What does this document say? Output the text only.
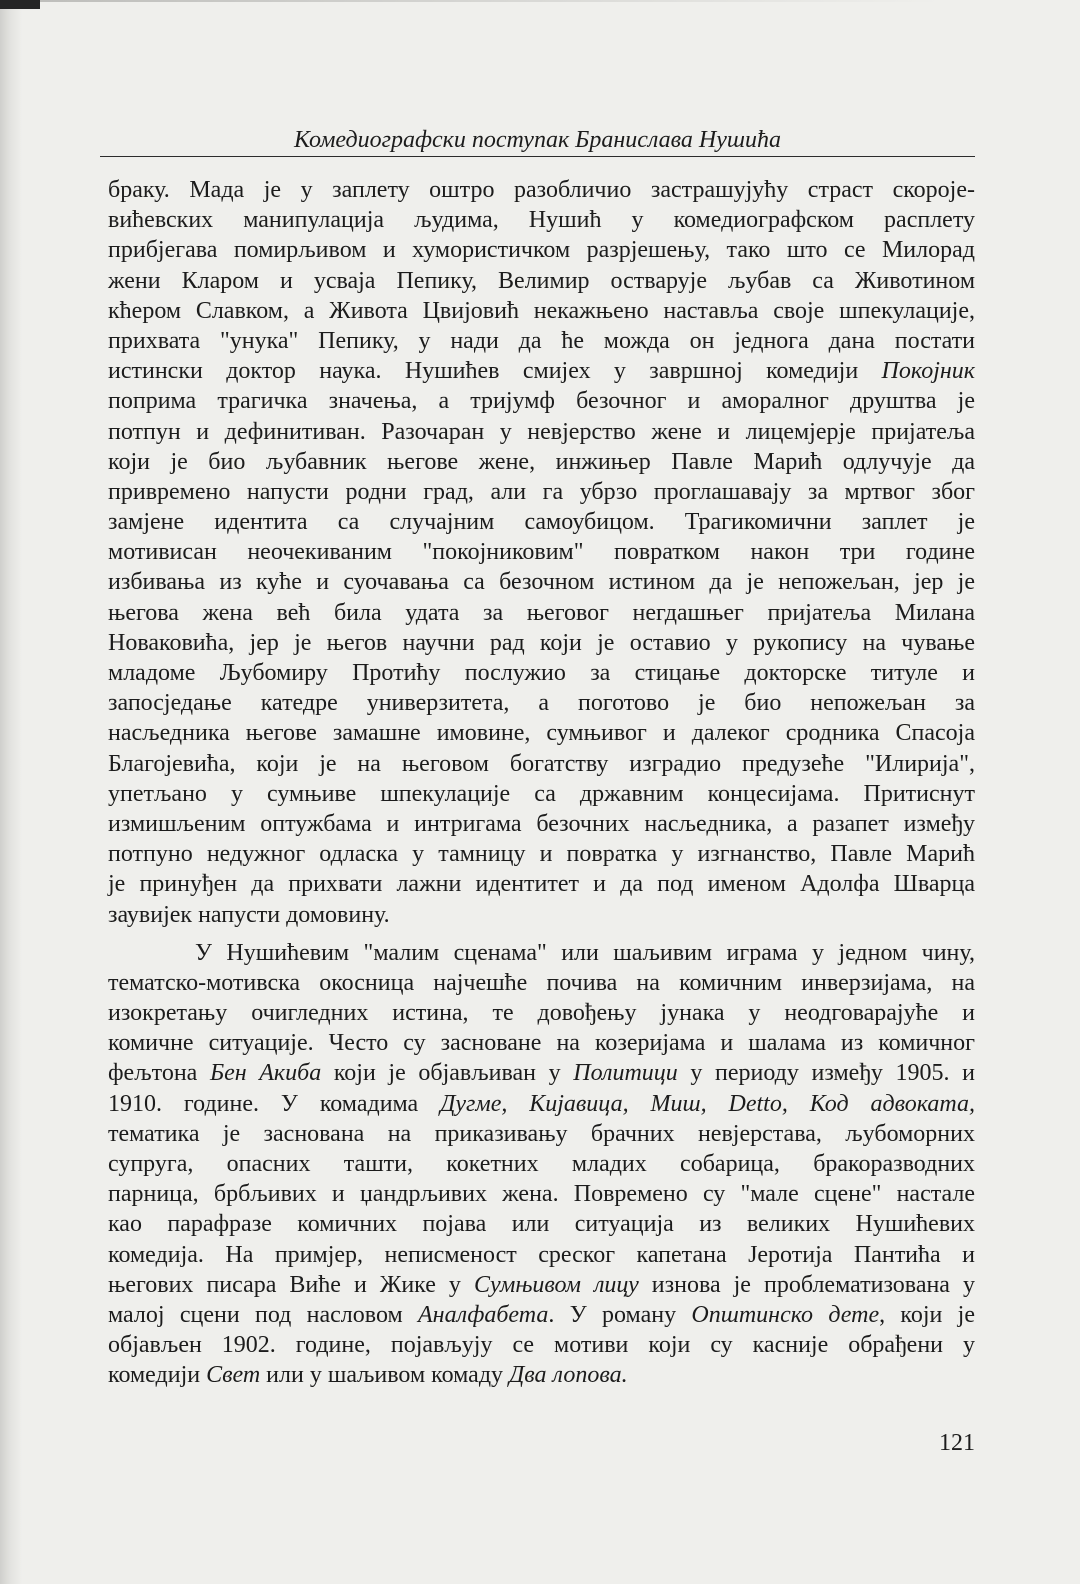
Комедиографски поступак Бранислава Нушића
браку. Мада је у заплету оштро разобличио застрашујућу страст скороје-
вићевских манипулација људима, Нушић у комедиографском расплету
прибјегава помирљивом и хумористичком разрјешењу, тако што се Милорад
жени Кларом и усваја Пепику, Велимир остварује љубав са Животином
кћером Славком, а Живота Цвијовић некажњено наставља своје шпекулације,
прихвата "унука" Пепику, у нади да ће можда он једнога дана постати
истински доктор наука. Нушићев смијех у завршној комедији Покојник
поприма трагичка значења, а тријумф безочног и аморалног друштва је
потпун и дефинитиван. Разочаран у невјерство жене и лицемјерје пријатеља
који је био љубавник његове жене, инжињер Павле Марић одлучује да
привремено напусти родни град, али га убрзо проглашавају за мртвог због
замјене идентита са случајним самоубицом. Трагикомични заплет је
мотивисан неочекиваним "покојниковим" повратком након три године
избивања из куће и суочавања са безочном истином да је непожељан, јер је
његова жена већ била удата за његовог негдашњег пријатеља Милана
Новаковића, јер је његов научни рад који је оставио у рукопису на чување
младоме Љубомиру Протићу послужио за стицање докторске титуле и
запосједање катедре универзитета, а поготово је био непожељан за
насљедника његове замашне имовине, сумњивог и далеког сродника Спасоја
Благојевића, који је на његовом богатству изградио предузеће "Илирија",
упетљано у сумњиве шпекулације са државним концесијама. Притиснут
измишљеним оптужбама и интригама безочних насљедника, а разапет између
потпуно недужног одласка у тамницу и повратка у изгнанство, Павле Марић
је принуђен да прихвати лажни идентитет и да под именом Адолфа Шварца
заувијек напусти домовину.
У Нушићевим "малим сценама" или шаљивим играма у једном чину,
тематско-мотивска окосница најчешће почива на комичним инверзијама, на
изокретању очигледних истина, те довођењу јунака у неодговарајуће и
комичне ситуације. Често су засноване на козеријама и шалама из комичног
фељтона Бен Акиба који је објављиван у Политици у периоду између 1905. и
1910. године. У комадима Дугме, Кијавица, Миш, Detto, Код адвоката,
тематика је заснована на приказивању брачних невјерстава, љубоморних
супруга, опасних ташти, кокетних младих собарица, бракоразводних
парница, брбљивих и џандрљивих жена. Повремено су "мале сцене" настале
као парафразе комичних појава или ситуација из великих Нушићевих
комедија. На примјер, неписменост среског капетана Јеротија Пантића и
његових писара Виће и Жике у Сумњивом лицу изнова је проблематизована у
малој сцени под насловом Аналфабета. У роману Општинско дете, који је
објављен 1902. године, појављују се мотиви који су касније обрађени у
комедији Свет или у шаљивом комаду Два лопова.
121
